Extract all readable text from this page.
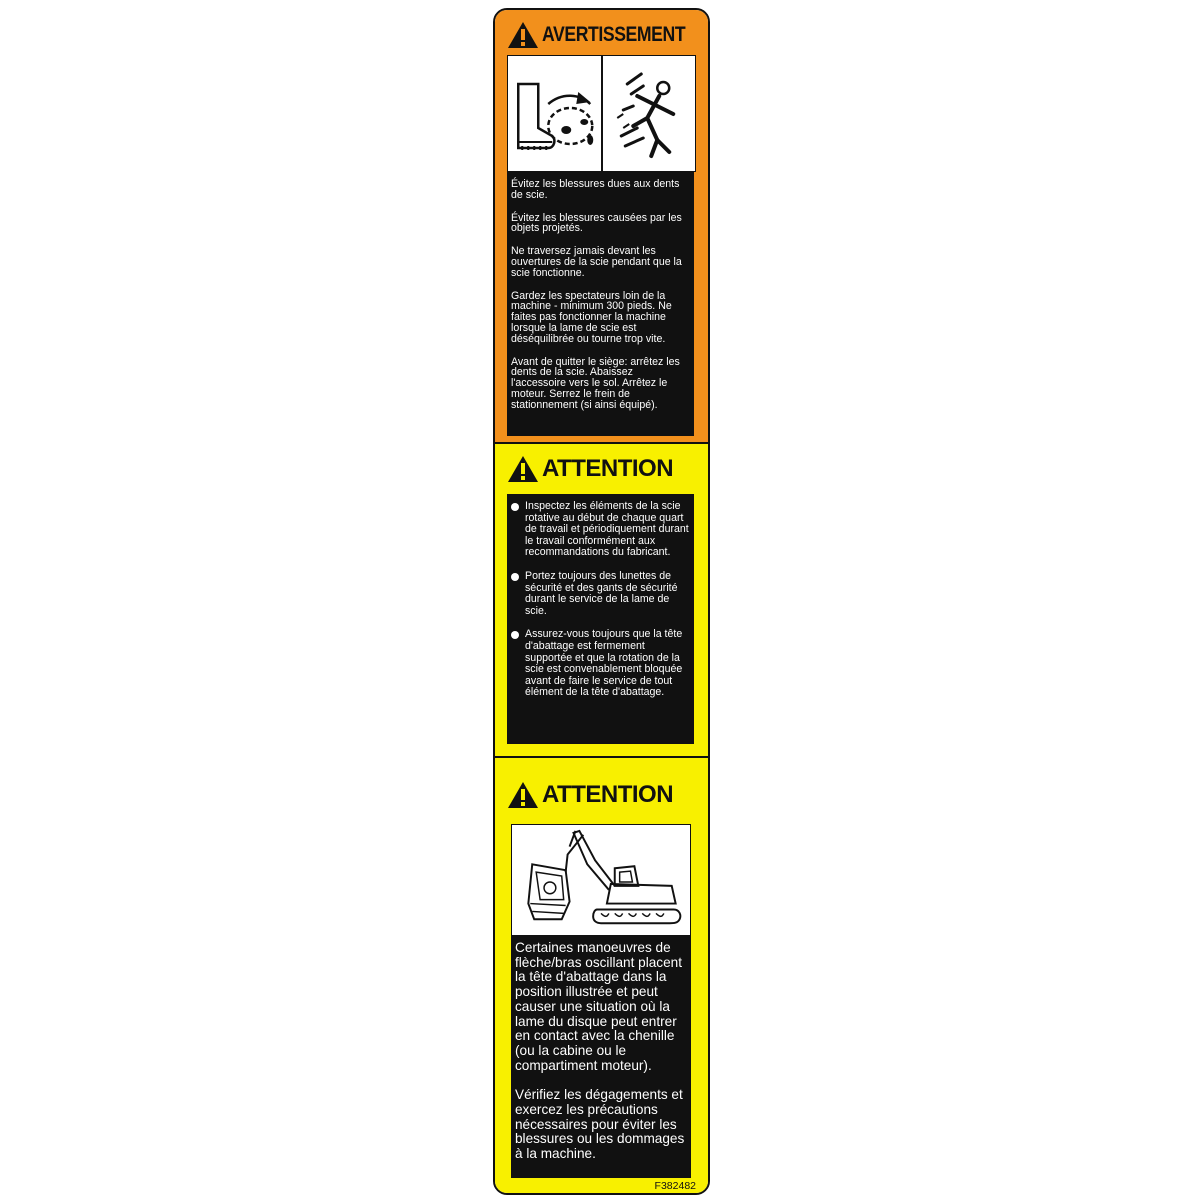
AVERTISSEMENT

Évitez les blessures dues aux dents de scie.

Évitez les blessures causées par les objets projetés.

Ne traversez jamais devant les ouvertures de la scie pendant que la scie fonctionne.

Gardez les spectateurs loin de la machine - minimum 300 pieds. Ne faites pas fonctionner la machine lorsque la lame de scie est déséquilibrée ou tourne trop vite.

Avant de quitter le siège: arrêtez les dents de la scie. Abaissez l'accessoire vers le sol. Arrêtez le moteur. Serrez le frein de stationnement (si ainsi équipé).

ATTENTION
Inspectez les éléments de la scie rotative au début de chaque quart de travail et périodiquement durant le travail conformément aux recommandations du fabricant.
Portez toujours des lunettes de sécurité et des gants de sécurité durant le service de la lame de scie.
Assurez-vous toujours que la tête d'abattage est fermement supportée et que la rotation de la scie est convenablement bloquée avant de faire le service de tout élément de la tête d'abattage.
ATTENTION

Certaines manoeuvres de flèche/bras oscillant placent la tête d'abattage dans la position illustrée et peut causer une situation où la lame du disque peut entrer en contact avec la chenille (ou la cabine ou le compartiment moteur).

Vérifiez les dégagements et exercez les précautions nécessaires pour éviter les blessures ou les dommages à la machine.

F382482
